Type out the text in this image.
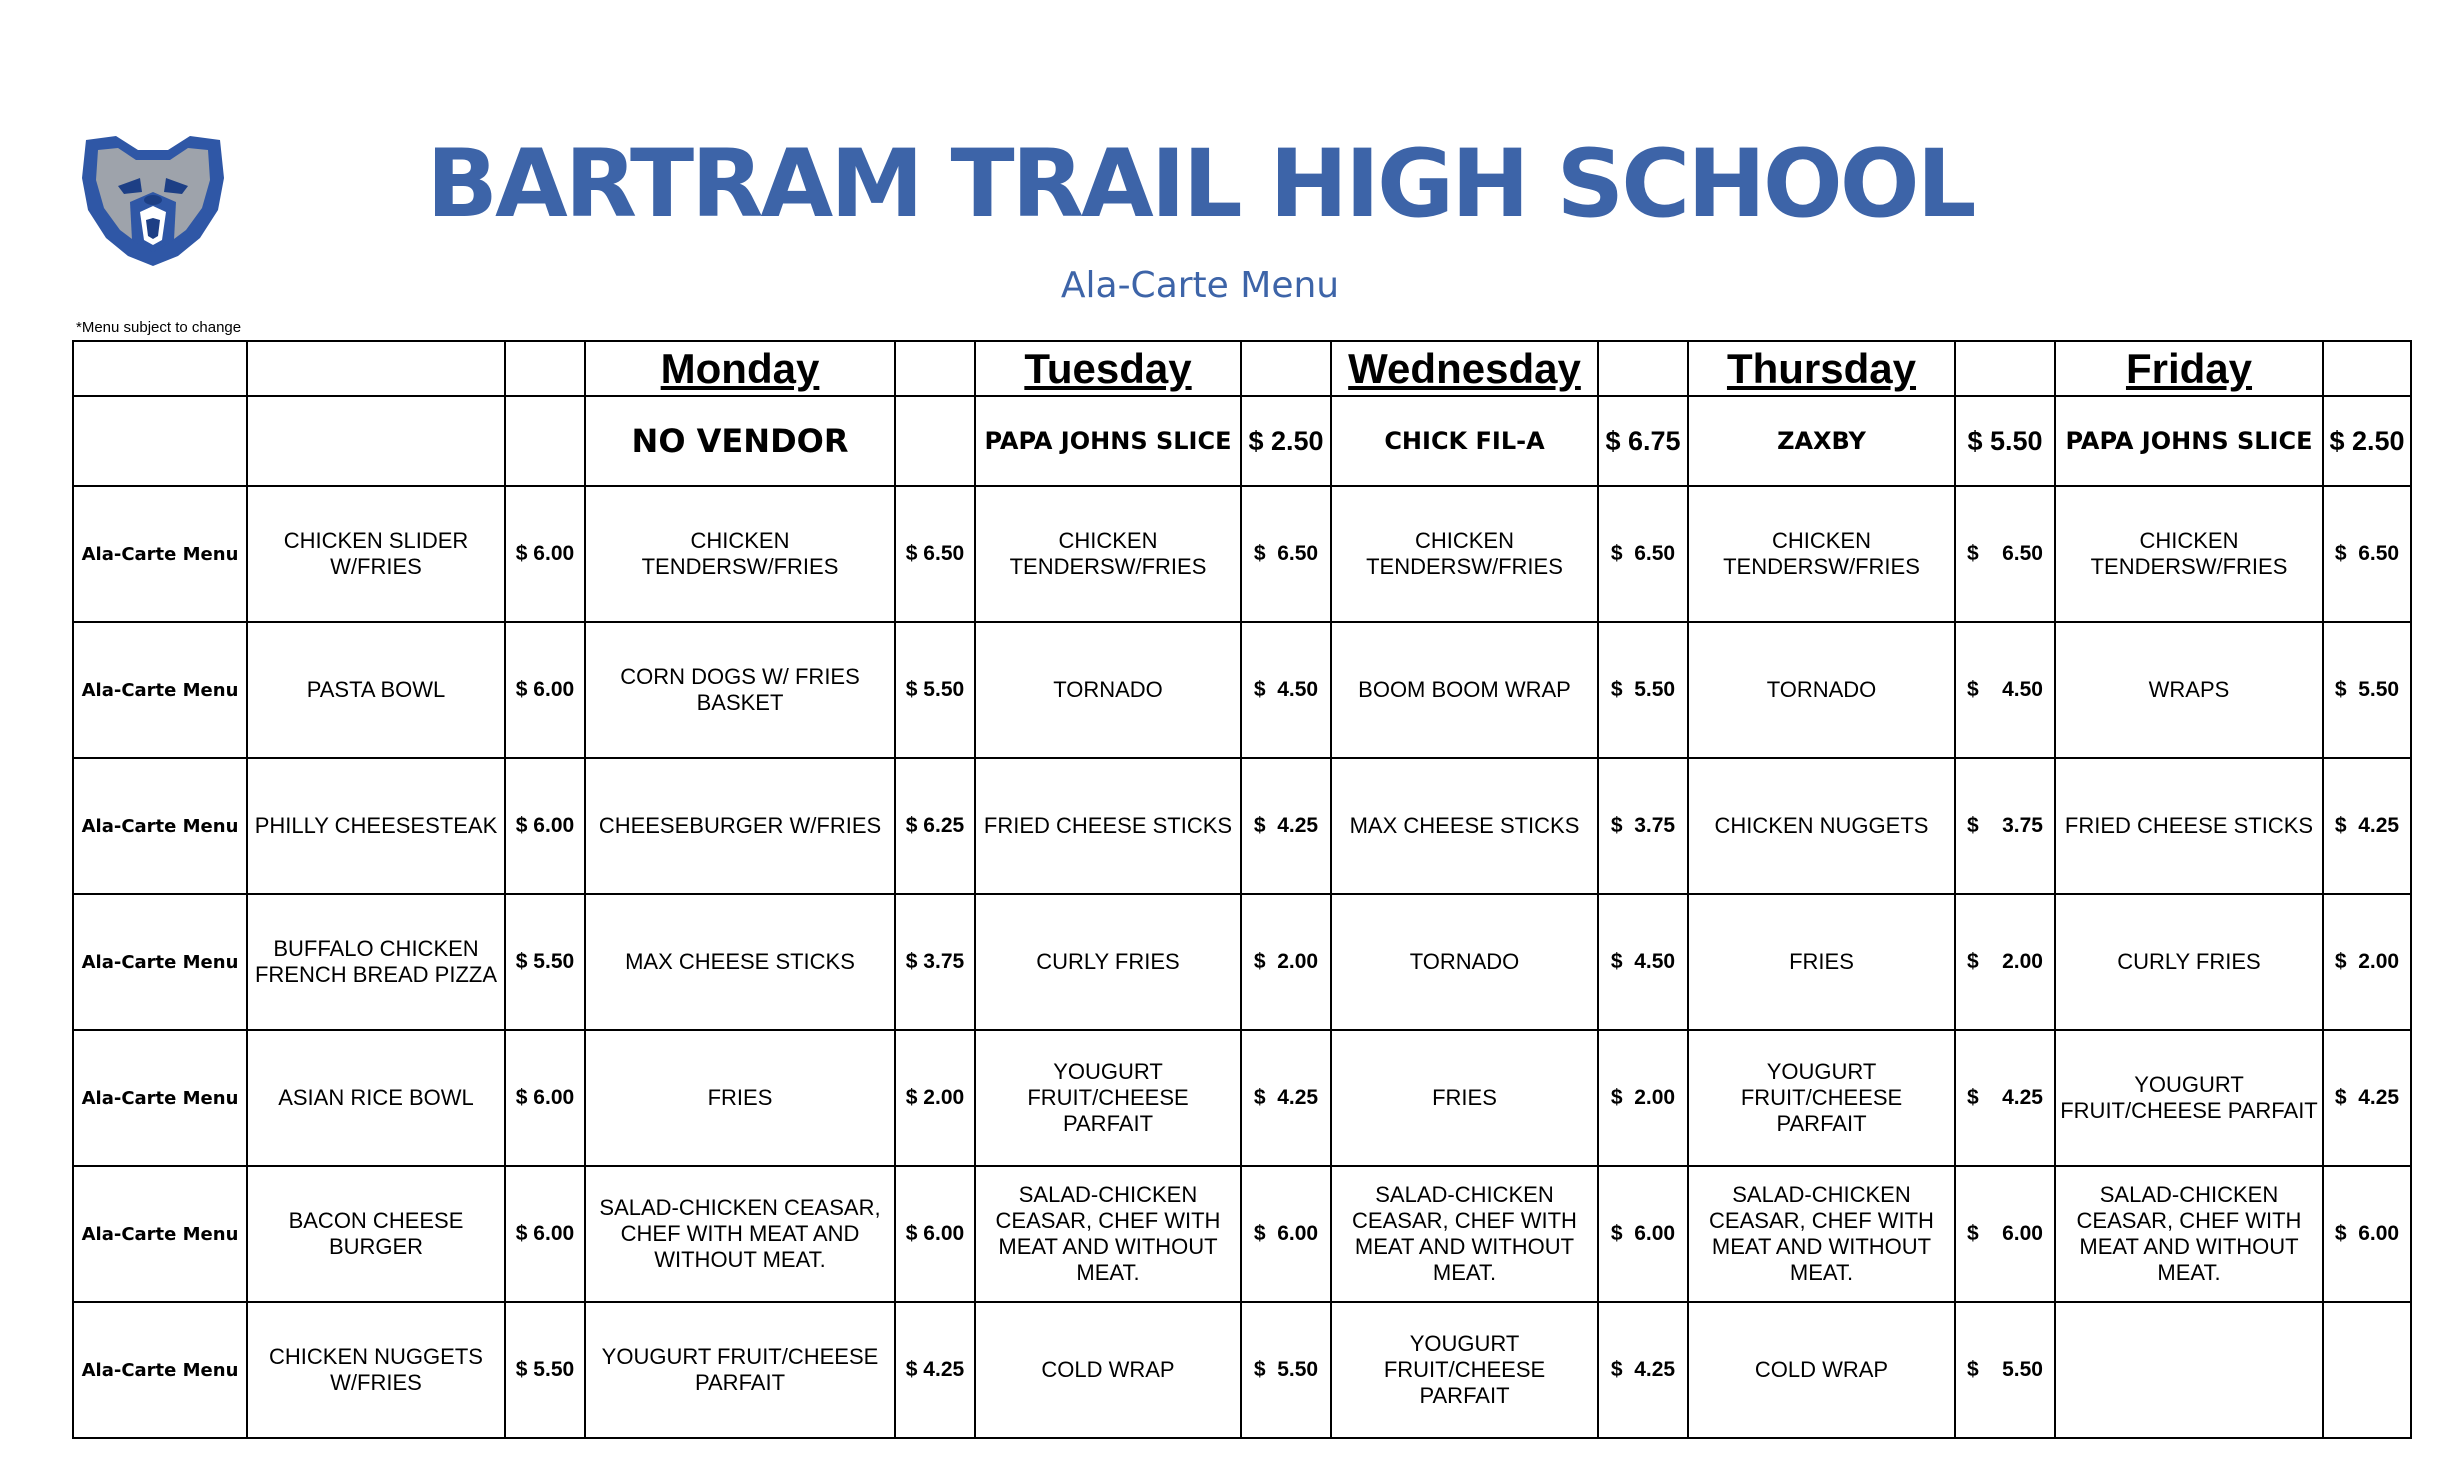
BARTRAM TRAIL HIGH SCHOOL
Ala-Carte Menu
*Menu subject to change
			Monday		Tuesday		Wednesday		Thursday		Friday	
			NO VENDOR		PAPA JOHNS SLICE	$ 2.50	CHICK FIL-A	$ 6.75	ZAXBY	$ 5.50	PAPA JOHNS SLICE	$ 2.50
Ala-Carte Menu	CHICKEN SLIDER W/FRIES	$ 6.00	CHICKEN TENDERSW/FRIES	$ 6.50	CHICKEN TENDERSW/FRIES	$  6.50	CHICKEN TENDERSW/FRIES	$  6.50	CHICKEN TENDERSW/FRIES	$    6.50	CHICKEN TENDERSW/FRIES	$  6.50
Ala-Carte Menu	PASTA BOWL	$ 6.00	CORN DOGS W/ FRIES BASKET	$ 5.50	TORNADO	$  4.50	BOOM BOOM WRAP	$  5.50	TORNADO	$    4.50	WRAPS	$  5.50
Ala-Carte Menu	PHILLY CHEESESTEAK	$ 6.00	CHEESEBURGER W/FRIES	$ 6.25	FRIED CHEESE STICKS	$  4.25	MAX CHEESE STICKS	$  3.75	CHICKEN NUGGETS	$    3.75	FRIED CHEESE STICKS	$  4.25
Ala-Carte Menu	BUFFALO CHICKEN FRENCH BREAD PIZZA	$ 5.50	MAX CHEESE STICKS	$ 3.75	CURLY FRIES	$  2.00	TORNADO	$  4.50	FRIES	$    2.00	CURLY FRIES	$  2.00
Ala-Carte Menu	ASIAN RICE BOWL	$ 6.00	FRIES	$ 2.00	YOUGURT FRUIT/CHEESE PARFAIT	$  4.25	FRIES	$  2.00	YOUGURT FRUIT/CHEESE PARFAIT	$    4.25	YOUGURT FRUIT/CHEESE PARFAIT	$  4.25
Ala-Carte Menu	BACON CHEESE BURGER	$ 6.00	SALAD-CHICKEN CEASAR, CHEF WITH MEAT AND WITHOUT MEAT.	$ 6.00	SALAD-CHICKEN CEASAR, CHEF WITH MEAT AND WITHOUT MEAT.	$  6.00	SALAD-CHICKEN CEASAR, CHEF WITH MEAT AND WITHOUT MEAT.	$  6.00	SALAD-CHICKEN CEASAR, CHEF WITH MEAT AND WITHOUT MEAT.	$    6.00	SALAD-CHICKEN CEASAR, CHEF WITH MEAT AND WITHOUT MEAT.	$  6.00
Ala-Carte Menu	CHICKEN NUGGETS W/FRIES	$ 5.50	YOUGURT FRUIT/CHEESE PARFAIT	$ 4.25	COLD WRAP	$  5.50	YOUGURT FRUIT/CHEESE PARFAIT	$  4.25	COLD WRAP	$    5.50		
